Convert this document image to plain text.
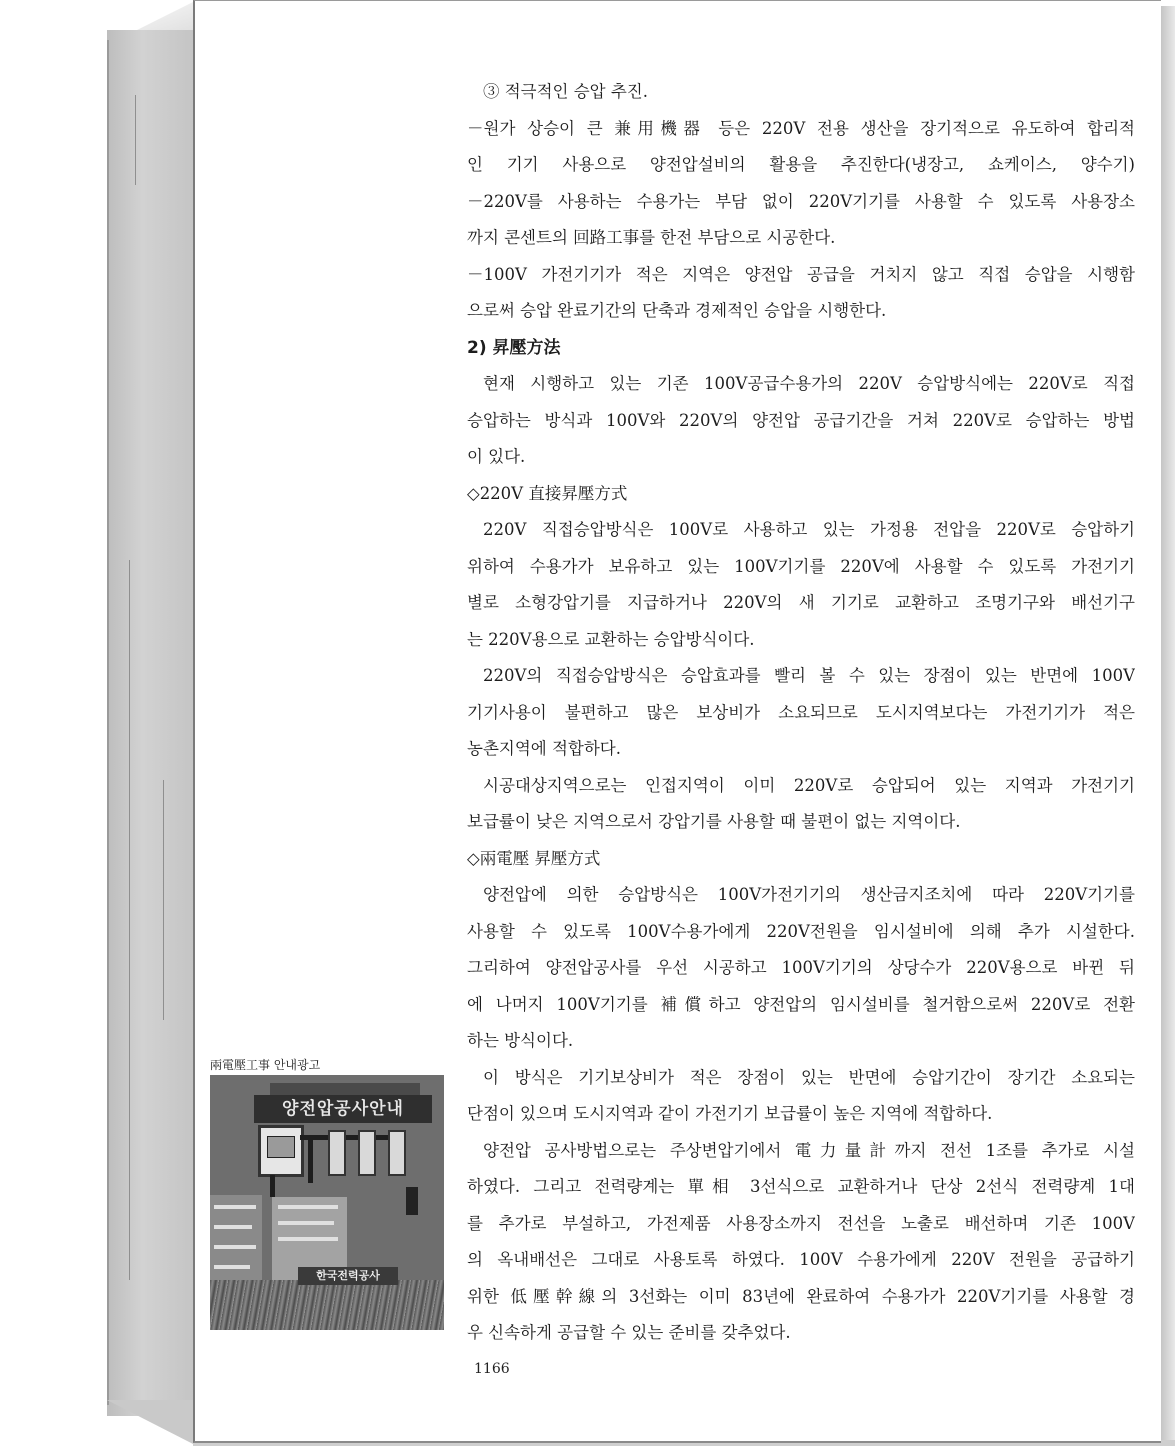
③ 적극적인 승압 추진.
－원가 상승이 큰 兼用機器 등은 220V 전용 생산을 장기적으로 유도하여 합리적
인 기기 사용으로 양전압설비의 활용을 추진한다(냉장고, 쇼케이스, 양수기)
－220V를 사용하는 수용가는 부담 없이 220V기기를 사용할 수 있도록 사용장소
까지 콘센트의 回路工事를 한전 부담으로 시공한다.
－100V 가전기기가 적은 지역은 양전압 공급을 거치지 않고 직접 승압을 시행함
으로써 승압 완료기간의 단축과 경제적인 승압을 시행한다.
2) 昇壓方法
현재 시행하고 있는 기존 100V공급수용가의 220V 승압방식에는 220V로 직접
승압하는 방식과 100V와 220V의 양전압 공급기간을 거쳐 220V로 승압하는 방법
이 있다.
◇220V 直接昇壓方式
220V 직접승압방식은 100V로 사용하고 있는 가정용 전압을 220V로 승압하기
위하여 수용가가 보유하고 있는 100V기기를 220V에 사용할 수 있도록 가전기기
별로 소형강압기를 지급하거나 220V의 새 기기로 교환하고 조명기구와 배선기구
는 220V용으로 교환하는 승압방식이다.
220V의 직접승압방식은 승압효과를 빨리 볼 수 있는 장점이 있는 반면에 100V
기기사용이 불편하고 많은 보상비가 소요되므로 도시지역보다는 가전기기가 적은
농촌지역에 적합하다.
시공대상지역으로는 인접지역이 이미 220V로 승압되어 있는 지역과 가전기기
보급률이 낮은 지역으로서 강압기를 사용할 때 불편이 없는 지역이다.
◇兩電壓 昇壓方式
양전압에 의한 승압방식은 100V가전기기의 생산금지조치에 따라 220V기기를
사용할 수 있도록 100V수용가에게 220V전원을 임시설비에 의해 추가 시설한다.
그리하여 양전압공사를 우선 시공하고 100V기기의 상당수가 220V용으로 바뀐 뒤
에 나머지 100V기기를 補償하고 양전압의 임시설비를 철거함으로써 220V로 전환
하는 방식이다.
이 방식은 기기보상비가 적은 장점이 있는 반면에 승압기간이 장기간 소요되는
단점이 있으며 도시지역과 같이 가전기기 보급률이 높은 지역에 적합하다.
양전압 공사방법으로는 주상변압기에서 電力量計까지 전선 1조를 추가로 시설
하였다. 그리고 전력량계는 單相 3선식으로 교환하거나 단상 2선식 전력량계 1대
를 추가로 부설하고, 가전제품 사용장소까지 전선을 노출로 배선하며 기존 100V
의 옥내배선은 그대로 사용토록 하였다. 100V 수용가에게 220V 전원을 공급하기
위한 低壓幹線의 3선화는 이미 83년에 완료하여 수용가가 220V기기를 사용할 경
우 신속하게 공급할 수 있는 준비를 갖추었다.
兩電壓工事 안내광고
양전압공사안내
한국전력공사
1166
